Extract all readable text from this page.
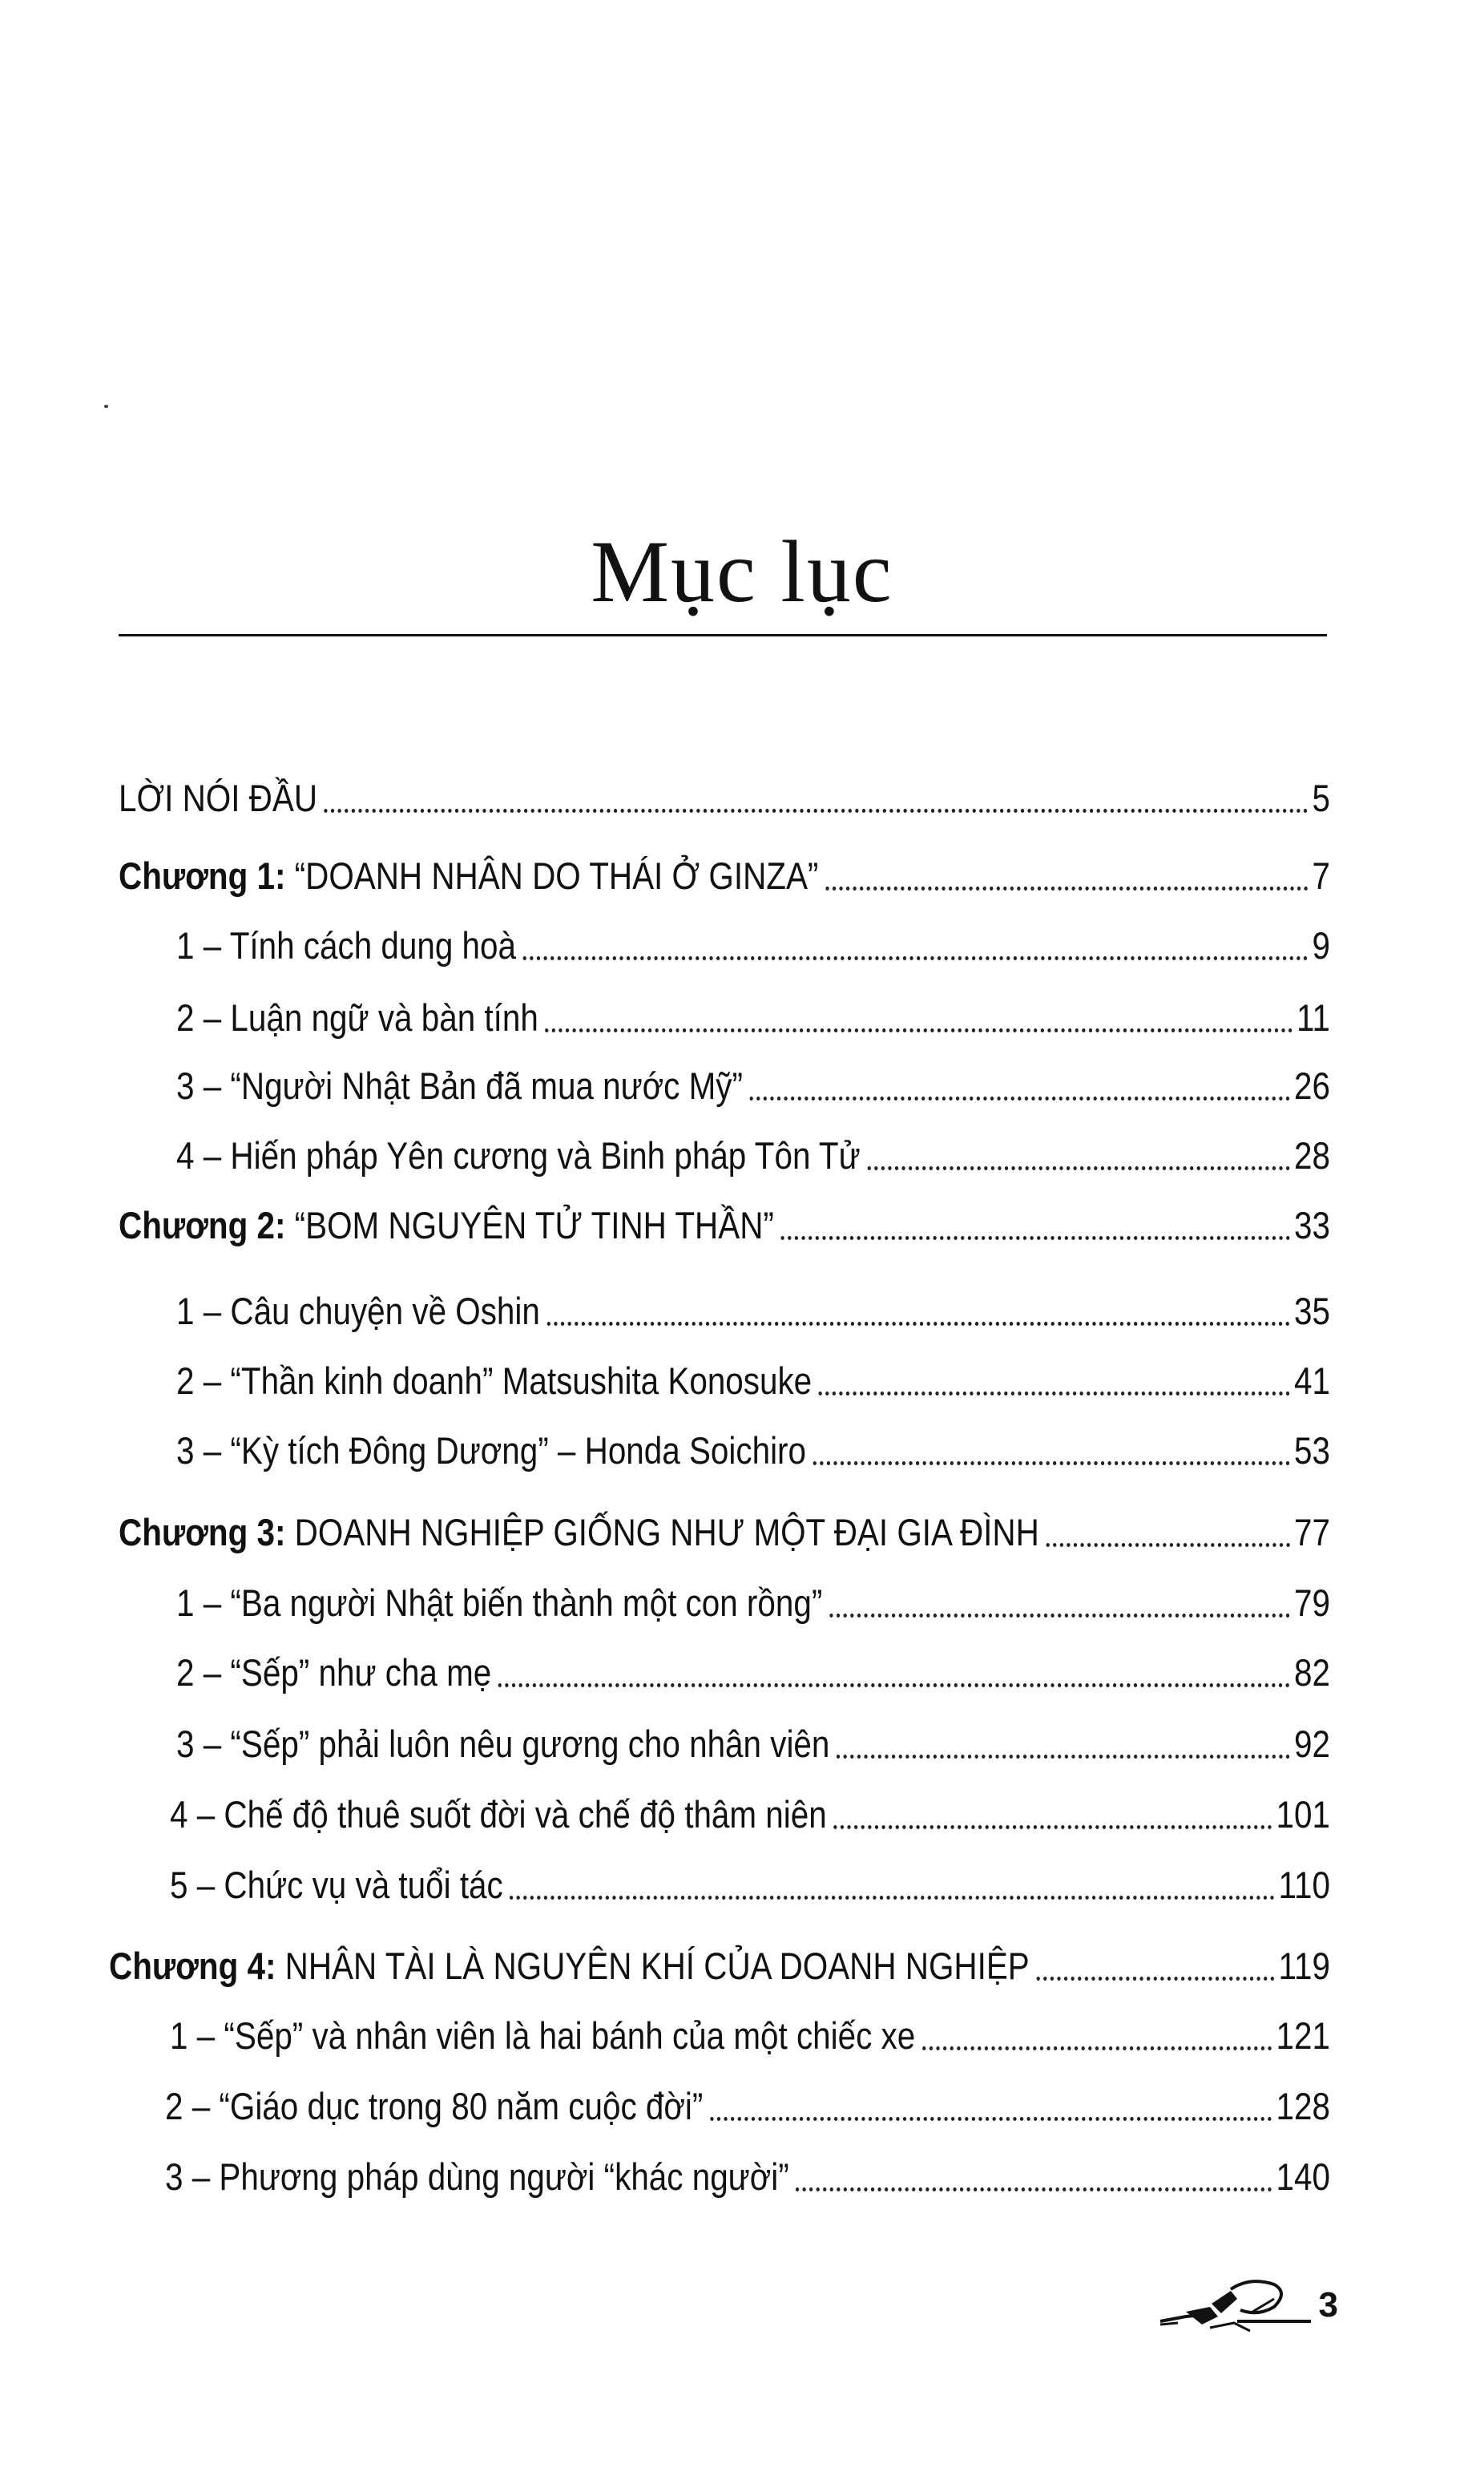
Mục lục
LỜI NÓI ĐẦU	5
Chương 1: “DOANH NHÂN DO THÁI Ở GINZA”	7
1 – Tính cách dung hoà	9
2 – Luận ngữ và bàn tính	11
3 – “Người Nhật Bản đã mua nước Mỹ”	26
4 – Hiến pháp Yên cương và Binh pháp Tôn Tử	28
Chương 2: “BOM NGUYÊN TỬ TINH THẦN”	33
1 – Câu chuyện về Oshin	35
2 – “Thần kinh doanh” Matsushita Konosuke	41
3 – “Kỳ tích Đông Dương” – Honda Soichiro	53
Chương 3: DOANH NGHIỆP GIỐNG NHƯ MỘT ĐẠI GIA ĐÌNH	77
1 – “Ba người Nhật biến thành một con rồng”	79
2 – “Sếp” như cha mẹ	82
3 – “Sếp” phải luôn nêu gương cho nhân viên	92
4 – Chế độ thuê suốt đời và chế độ thâm niên	101
5 – Chức vụ và tuổi tác	110
Chương 4: NHÂN TÀI LÀ NGUYÊN KHÍ CỦA DOANH NGHIỆP	119
1 – “Sếp” và nhân viên là hai bánh của một chiếc xe	121
2 – “Giáo dục trong 80 năm cuộc đời”	128
3 – Phương pháp dùng người “khác người”	140
3
